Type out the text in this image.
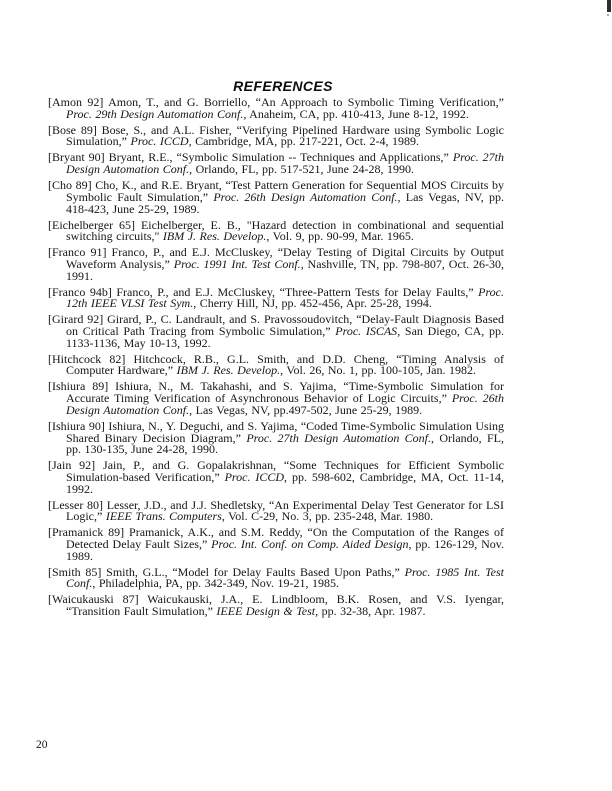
REFERENCES

[Amon 92] Amon, T., and G. Borriello, “An Approach to Symbolic Timing Verification,” Proc. 29th Design Automation Conf., Anaheim, CA, pp. 410-413, June 8-12, 1992.

[Bose 89] Bose, S., and A.L. Fisher, “Verifying Pipelined Hardware using Symbolic Logic Simulation,” Proc. ICCD, Cambridge, MA, pp. 217-221, Oct. 2-4, 1989.

[Bryant 90] Bryant, R.E., “Symbolic Simulation -- Techniques and Applications,” Proc. 27th Design Automation Conf., Orlando, FL, pp. 517-521, June 24-28, 1990.

[Cho 89] Cho, K., and R.E. Bryant, “Test Pattern Generation for Sequential MOS Circuits by Symbolic Fault Simulation,” Proc. 26th Design Automation Conf., Las Vegas, NV, pp. 418-423, June 25-29, 1989.

[Eichelberger 65] Eichelberger, E. B., "Hazard detection in combinational and sequential switching circuits," IBM J. Res. Develop., Vol. 9, pp. 90-99, Mar. 1965.

[Franco 91] Franco, P., and E.J. McCluskey, “Delay Testing of Digital Circuits by Output Waveform Analysis,” Proc. 1991 Int. Test Conf., Nashville, TN, pp. 798-807, Oct. 26-30, 1991.

[Franco 94b] Franco, P., and E.J. McCluskey, “Three-Pattern Tests for Delay Faults,” Proc. 12th IEEE VLSI Test Sym., Cherry Hill, NJ, pp. 452-456, Apr. 25-28, 1994.

[Girard 92] Girard, P., C. Landrault, and S. Pravossoudovitch, “Delay-Fault Diagnosis Based on Critical Path Tracing from Symbolic Simulation,” Proc. ISCAS, San Diego, CA, pp. 1133-1136, May 10-13, 1992.

[Hitchcock 82] Hitchcock, R.B., G.L. Smith, and D.D. Cheng, “Timing Analysis of Computer Hardware,” IBM J. Res. Develop., Vol. 26, No. 1, pp. 100-105, Jan. 1982.

[Ishiura 89] Ishiura, N., M. Takahashi, and S. Yajima, “Time-Symbolic Simulation for Accurate Timing Verification of Asynchronous Behavior of Logic Circuits,” Proc. 26th Design Automation Conf., Las Vegas, NV, pp.497-502, June 25-29, 1989.

[Ishiura 90] Ishiura, N., Y. Deguchi, and S. Yajima, “Coded Time-Symbolic Simulation Using Shared Binary Decision Diagram,” Proc. 27th Design Automation Conf., Orlando, FL, pp. 130-135, June 24-28, 1990.

[Jain 92] Jain, P., and G. Gopalakrishnan, “Some Techniques for Efficient Symbolic Simulation-based Verification,” Proc. ICCD, pp. 598-602, Cambridge, MA, Oct. 11-14, 1992.

[Lesser 80] Lesser, J.D., and J.J. Shedletsky, “An Experimental Delay Test Generator for LSI Logic,” IEEE Trans. Computers, Vol. C-29, No. 3, pp. 235-248, Mar. 1980.

[Pramanick 89] Pramanick, A.K., and S.M. Reddy, “On the Computation of the Ranges of Detected Delay Fault Sizes,” Proc. Int. Conf. on Comp. Aided Design, pp. 126-129, Nov. 1989.

[Smith 85] Smith, G.L., “Model for Delay Faults Based Upon Paths,” Proc. 1985 Int. Test Conf., Philadelphia, PA, pp. 342-349, Nov. 19-21, 1985.

[Waicukauski 87] Waicukauski, J.A., E. Lindbloom, B.K. Rosen, and V.S. Iyengar, “Transition Fault Simulation,” IEEE Design & Test, pp. 32-38, Apr. 1987.

20
